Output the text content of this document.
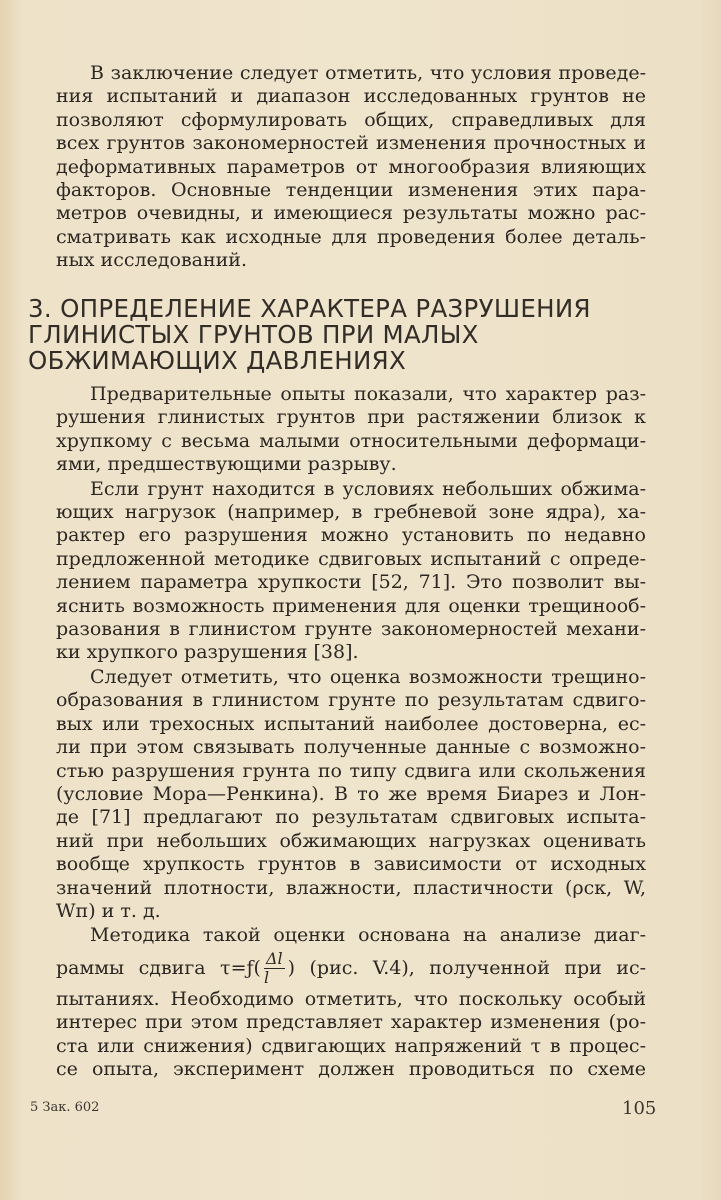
В заключение следует отметить, что условия проведе-
ния испытаний и диапазон исследованных грунтов не
позволяют сформулировать общих, справедливых для
всех грунтов закономерностей изменения прочностных и
деформативных параметров от многообразия влияющих
факторов. Основные тенденции изменения этих пара-
метров очевидны, и имеющиеся результаты можно рас-
сматривать как исходные для проведения более деталь-
ных исследований.

3. ОПРЕДЕЛЕНИЕ ХАРАКТЕРА РАЗРУШЕНИЯ
ГЛИНИСТЫХ ГРУНТОВ ПРИ МАЛЫХ
ОБЖИМАЮЩИХ ДАВЛЕНИЯХ

Предварительные опыты показали, что характер раз-
рушения глинистых грунтов при растяжении близок к
хрупкому с весьма малыми относительными деформаци-
ями, предшествующими разрыву.

Если грунт находится в условиях небольших обжима-
ющих нагрузок (например, в гребневой зоне ядра), ха-
рактер его разрушения можно установить по недавно
предложенной методике сдвиговых испытаний с опреде-
лением параметра хрупкости [52, 71]. Это позволит вы-
яснить возможность применения для оценки трещинооб-
разования в глинистом грунте закономерностей механи-
ки хрупкого разрушения [38].

Следует отметить, что оценка возможности трещино-
образования в глинистом грунте по результатам сдвиго-
вых или трехосных испытаний наиболее достоверна, ес-
ли при этом связывать полученные данные с возможно-
стью разрушения грунта по типу сдвига или скольжения
(условие Мора—Ренкина). В то же время Биарез и Лон-
де [71] предлагают по результатам сдвиговых испыта-
ний при небольших обжимающих нагрузках оценивать
вообще хрупкость грунтов в зависимости от исходных
значений плотности, влажности, пластичности (ρск, W,
Wп) и т. д.

Методика такой оценки основана на анализе диаг-
раммы сдвига τ=ƒ( $\frac{\Delta l}{l}$ ) (рис. V.4), полученной при ис-
пытаниях. Необходимо отметить, что поскольку особый
интерес при этом представляет характер изменения (ро-
ста или снижения) сдвигающих напряжений τ в процес-
се опыта, эксперимент должен проводиться по схеме

5 Зак. 602	105
